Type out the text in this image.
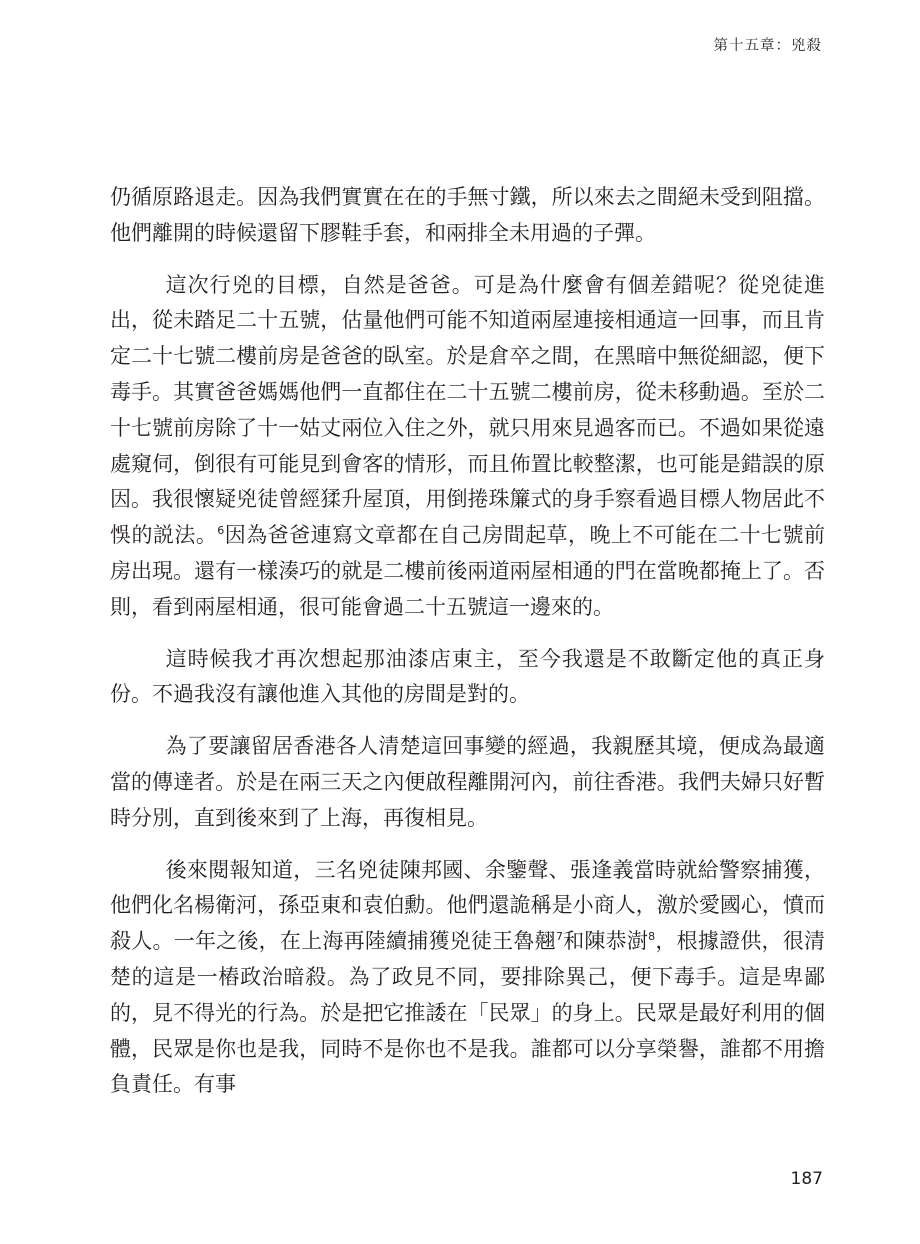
第十五章：兇殺

仍循原路退走。因為我們實實在在的手無寸鐵，所以來去之間絕未受到阻擋。他們離開的時候還留下膠鞋手套，和兩排全未用過的子彈。

這次行兇的目標，自然是爸爸。可是為什麼會有個差錯呢？從兇徒進出，從未踏足二十五號，估量他們可能不知道兩屋連接相通這一回事，而且肯定二十七號二樓前房是爸爸的臥室。於是倉卒之間，在黑暗中無從細認，便下毒手。其實爸爸媽媽他們一直都住在二十五號二樓前房，從未移動過。至於二十七號前房除了十一姑丈兩位入住之外，就只用來見過客而已。不過如果從遠處窺伺，倒很有可能見到會客的情形，而且佈置比較整潔，也可能是錯誤的原因。我很懷疑兇徒曾經猱升屋頂，用倒捲珠簾式的身手察看過目標人物居此不悞的説法。$^6$因為爸爸連寫文章都在自己房間起草，晚上不可能在二十七號前房出現。還有一樣湊巧的就是二樓前後兩道兩屋相通的門在當晚都掩上了。否則，看到兩屋相通，很可能會過二十五號這一邊來的。

這時候我才再次想起那油漆店東主，至今我還是不敢斷定他的真正身份。不過我沒有讓他進入其他的房間是對的。

為了要讓留居香港各人清楚這回事變的經過，我親歷其境，便成為最適當的傳達者。於是在兩三天之內便啟程離開河內，前往香港。我們夫婦只好暫時分別，直到後來到了上海，再復相見。

後來閱報知道，三名兇徒陳邦國、余鑒聲、張逢義當時就給警察捕獲，他們化名楊衛河，孫亞東和袁伯勳。他們還詭稱是小商人，激於愛國心，憤而殺人。一年之後，在上海再陸續捕獲兇徒王魯翹$^7$和陳恭澍$^8$，根據證供，很清楚的這是一樁政治暗殺。為了政見不同，要排除異己，便下毒手。這是卑鄙的，見不得光的行為。於是把它推諉在「民眾」的身上。民眾是最好利用的個體，民眾是你也是我，同時不是你也不是我。誰都可以分享榮譽，誰都不用擔負責任。有事

187
